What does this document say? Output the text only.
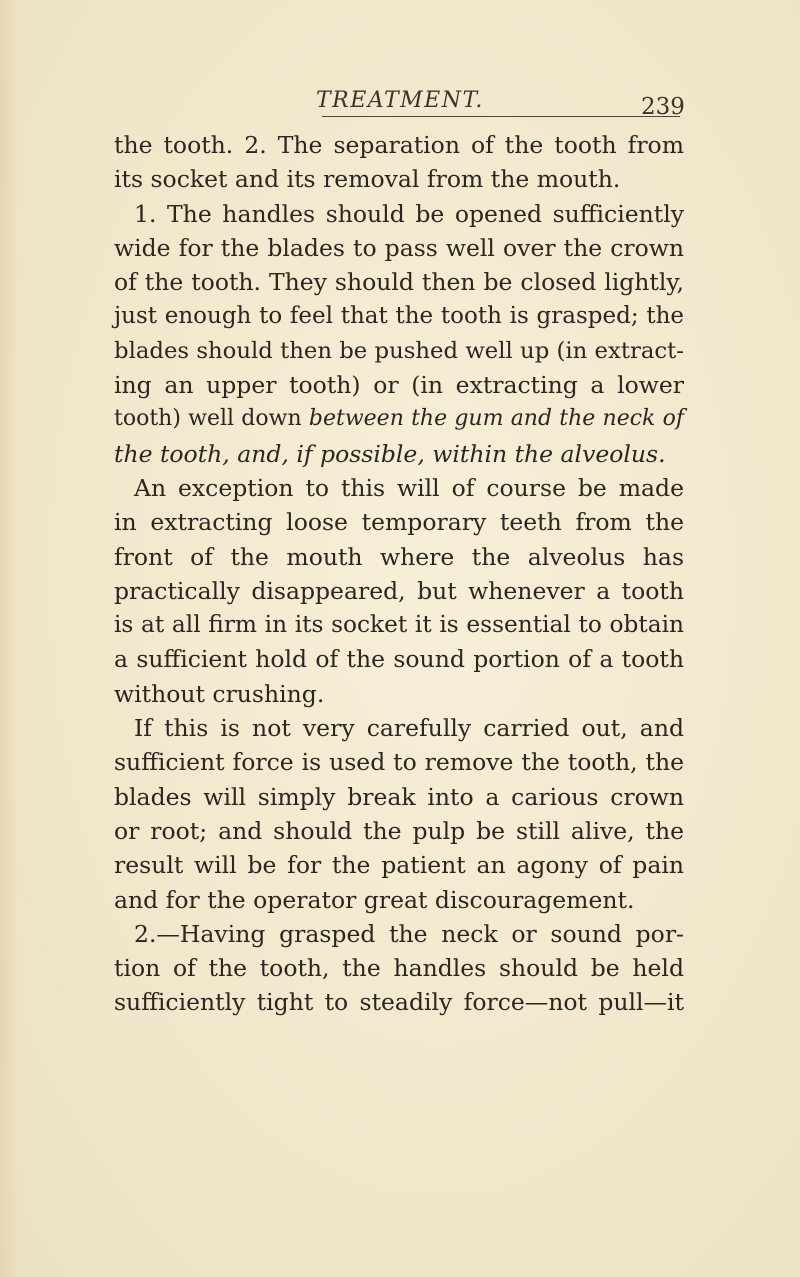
TREATMENT.	239
the tooth. 2. The separation of the tooth from
its socket and its removal from the mouth.
1. The handles should be opened sufficiently
wide for the blades to pass well over the crown
of the tooth. They should then be closed lightly,
just enough to feel that the tooth is grasped; the
blades should then be pushed well up (in extract-
ing an upper tooth) or (in extracting a lower
tooth) well down between the gum and the neck of
the tooth, and, if possible, within the alveolus.
An exception to this will of course be made
in extracting loose temporary teeth from the
front of the mouth where the alveolus has
practically disappeared, but whenever a tooth
is at all firm in its socket it is essential to obtain
a sufficient hold of the sound portion of a tooth
without crushing.
If this is not very carefully carried out, and
sufficient force is used to remove the tooth, the
blades will simply break into a carious crown
or root; and should the pulp be still alive, the
result will be for the patient an agony of pain
and for the operator great discouragement.
2.—Having grasped the neck or sound por-
tion of the tooth, the handles should be held
sufficiently tight to steadily force—not pull—it
